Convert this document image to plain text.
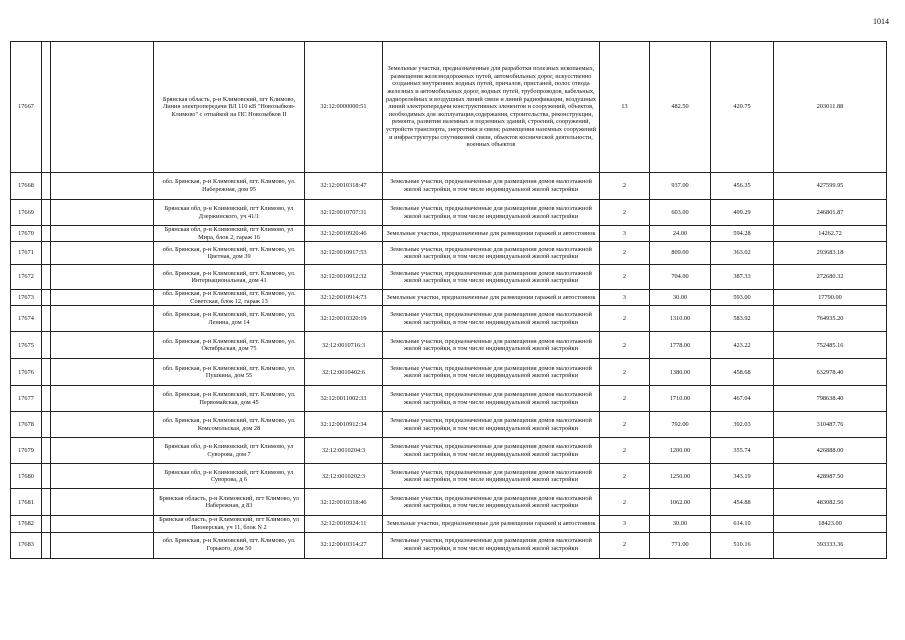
1014
17667			Брянская область, р-н Климовский, пгт Климово, Линия электропередачи ВЛ 110 кВ "Новозыбков-Климово" с отпайкой на ПС Новозыбков II	32:12:0000000:51	Земельные участки, предназначенные для разработки полезных ископаемых, размещения железнодорожных путей, автомобильных дорог, искусственно созданных внутренних водных путей, причалов, пристаней, полос отвода железных и автомобильных дорог, водных путей, трубопроводов, кабельных, радиорелейных и воздушных линий связи и линий радиофикации, воздушных линий электропередачи конструктивных элементов и сооружений, объектов, необходимых для эксплуатации,содержания, строительства, реконструкции, ремонта, развития наземных и подземных зданий, строений, сооружений, устройств транспорта, энергетики и связи; размещения наземных сооружений и инфраструктуры спутниковой связи, объектов космической деятельности, военных объектов	13	482.50	420.75	203011.88
17668			обл. Брянская, р-н Климовский, пгт. Климово, ул. Набережная, дом 95	32:12:0010318:47	Земельные участки, предназначенные для размещения домов малоэтажной жилой застройки, в том числе индивидуальной жилой застройки	2	937.00	456.35	427599.95
17669			Брянская обл, р-н Климовский, пгт Климово, ул Дзержинского, уч 41/1	32:12:0010707:31	Земельные участки, предназначенные для размещения домов малоэтажной жилой застройки, в том числе индивидуальной жилой застройки	2	603.00	409.29	246801.87
17670			Брянская обл, р-н Климовский, пгт Климово, ул Мира, блок 2, гараж 16	32:12:0010920:46	Земельные участки, предназначенные для размещения гаражей и автостоянок	3	24.00	594.28	14262.72
17671			обл. Брянская, р-н Климовский, пгт. Климово, ул. Цветная, дом 39	32:12:0010917:53	Земельные участки, предназначенные для размещения домов малоэтажной жилой застройки, в том числе индивидуальной жилой застройки	2	809.00	363.02	293683.18
17672			обл. Брянская, р-н Климовский, пгт. Климово, ул. Интернациональная, дом 41	32:12:0010912:32	Земельные участки, предназначенные для размещения домов малоэтажной жилой застройки, в том числе индивидуальной жилой застройки	2	704.00	387.33	272680.32
17673			обл. Брянская, р-н Климовский, пгт. Климово, ул. Советская, блок 12, гараж 13	32:12:0010914:73	Земельные участки, предназначенные для размещения гаражей и автостоянок	3	30.00	593.00	17790.00
17674			обл. Брянская, р-н Климовский, пгт. Климово, ул. Ленина, дом 14	32:12:0010320:19	Земельные участки, предназначенные для размещения домов малоэтажной жилой застройки, в том числе индивидуальной жилой застройки	2	1310.00	583.92	764935.20
17675			обл. Брянская, р-н Климовский, пгт. Климово, ул. Октябрьская, дом 75	32:12:0010716:3	Земельные участки, предназначенные для размещения домов малоэтажной жилой застройки, в том числе индивидуальной жилой застройки	2	1778.00	423.22	752485.16
17676			обл. Брянская, р-н Климовский, пгт. Климово, ул. Пушкина, дом 55	32:12:0010402:6	Земельные участки, предназначенные для размещения домов малоэтажной жилой застройки, в том числе индивидуальной жилой застройки	2	1380.00	458.68	632978.40
17677			обл. Брянская, р-н Климовский, пгт. Климово, ул. Первомайская, дом 45	32:12:0011002:33	Земельные участки, предназначенные для размещения домов малоэтажной жилой застройки, в том числе индивидуальной жилой застройки	2	1710.00	467.04	798638.40
17678			обл. Брянская, р-н Климовский, пгт. Климово, ул. Комсомольская, дом 28	32:12:0010912:34	Земельные участки, предназначенные для размещения домов малоэтажной жилой застройки, в том числе индивидуальной жилой застройки	2	792.00	392.03	310487.76
17679			Брянская обл, р-н Климовский, пгт Климово, ул Суворова, дом 7	32:12:0010204:3	Земельные участки, предназначенные для размещения домов малоэтажной жилой застройки, в том числе индивидуальной жилой застройки	2	1200.00	355.74	426888.00
17680			Брянская обл, р-н Климовский, пгт Климово, ул Суворова, д 6	32:12:0010202:3	Земельные участки, предназначенные для размещения домов малоэтажной жилой застройки, в том числе индивидуальной жилой застройки	2	1250.00	343.19	428987.50
17681			Брянская область, р-н Климовский, пгт Климово, ул Набережная, д 83	32:12:0010318:46	Земельные участки, предназначенные для размещения домов малоэтажной жилой застройки, в том числе индивидуальной жилой застройки	2	1062.00	454.88	483082.56
17682			Брянская область, р-н Климовский, пгт Климово, ул Пионерская, уч 11, блок N 2	32:12:0010924:11	Земельные участки, предназначенные для размещения гаражей и автостоянок	3	30.00	614.10	18423.00
17683			обл. Брянская, р-н Климовский, пгт. Климово, ул. Горького, дом 50	32:12:0010314:27	Земельные участки, предназначенные для размещения домов малоэтажной жилой застройки, в том числе индивидуальной жилой застройки	2	771.00	510.16	393333.36
